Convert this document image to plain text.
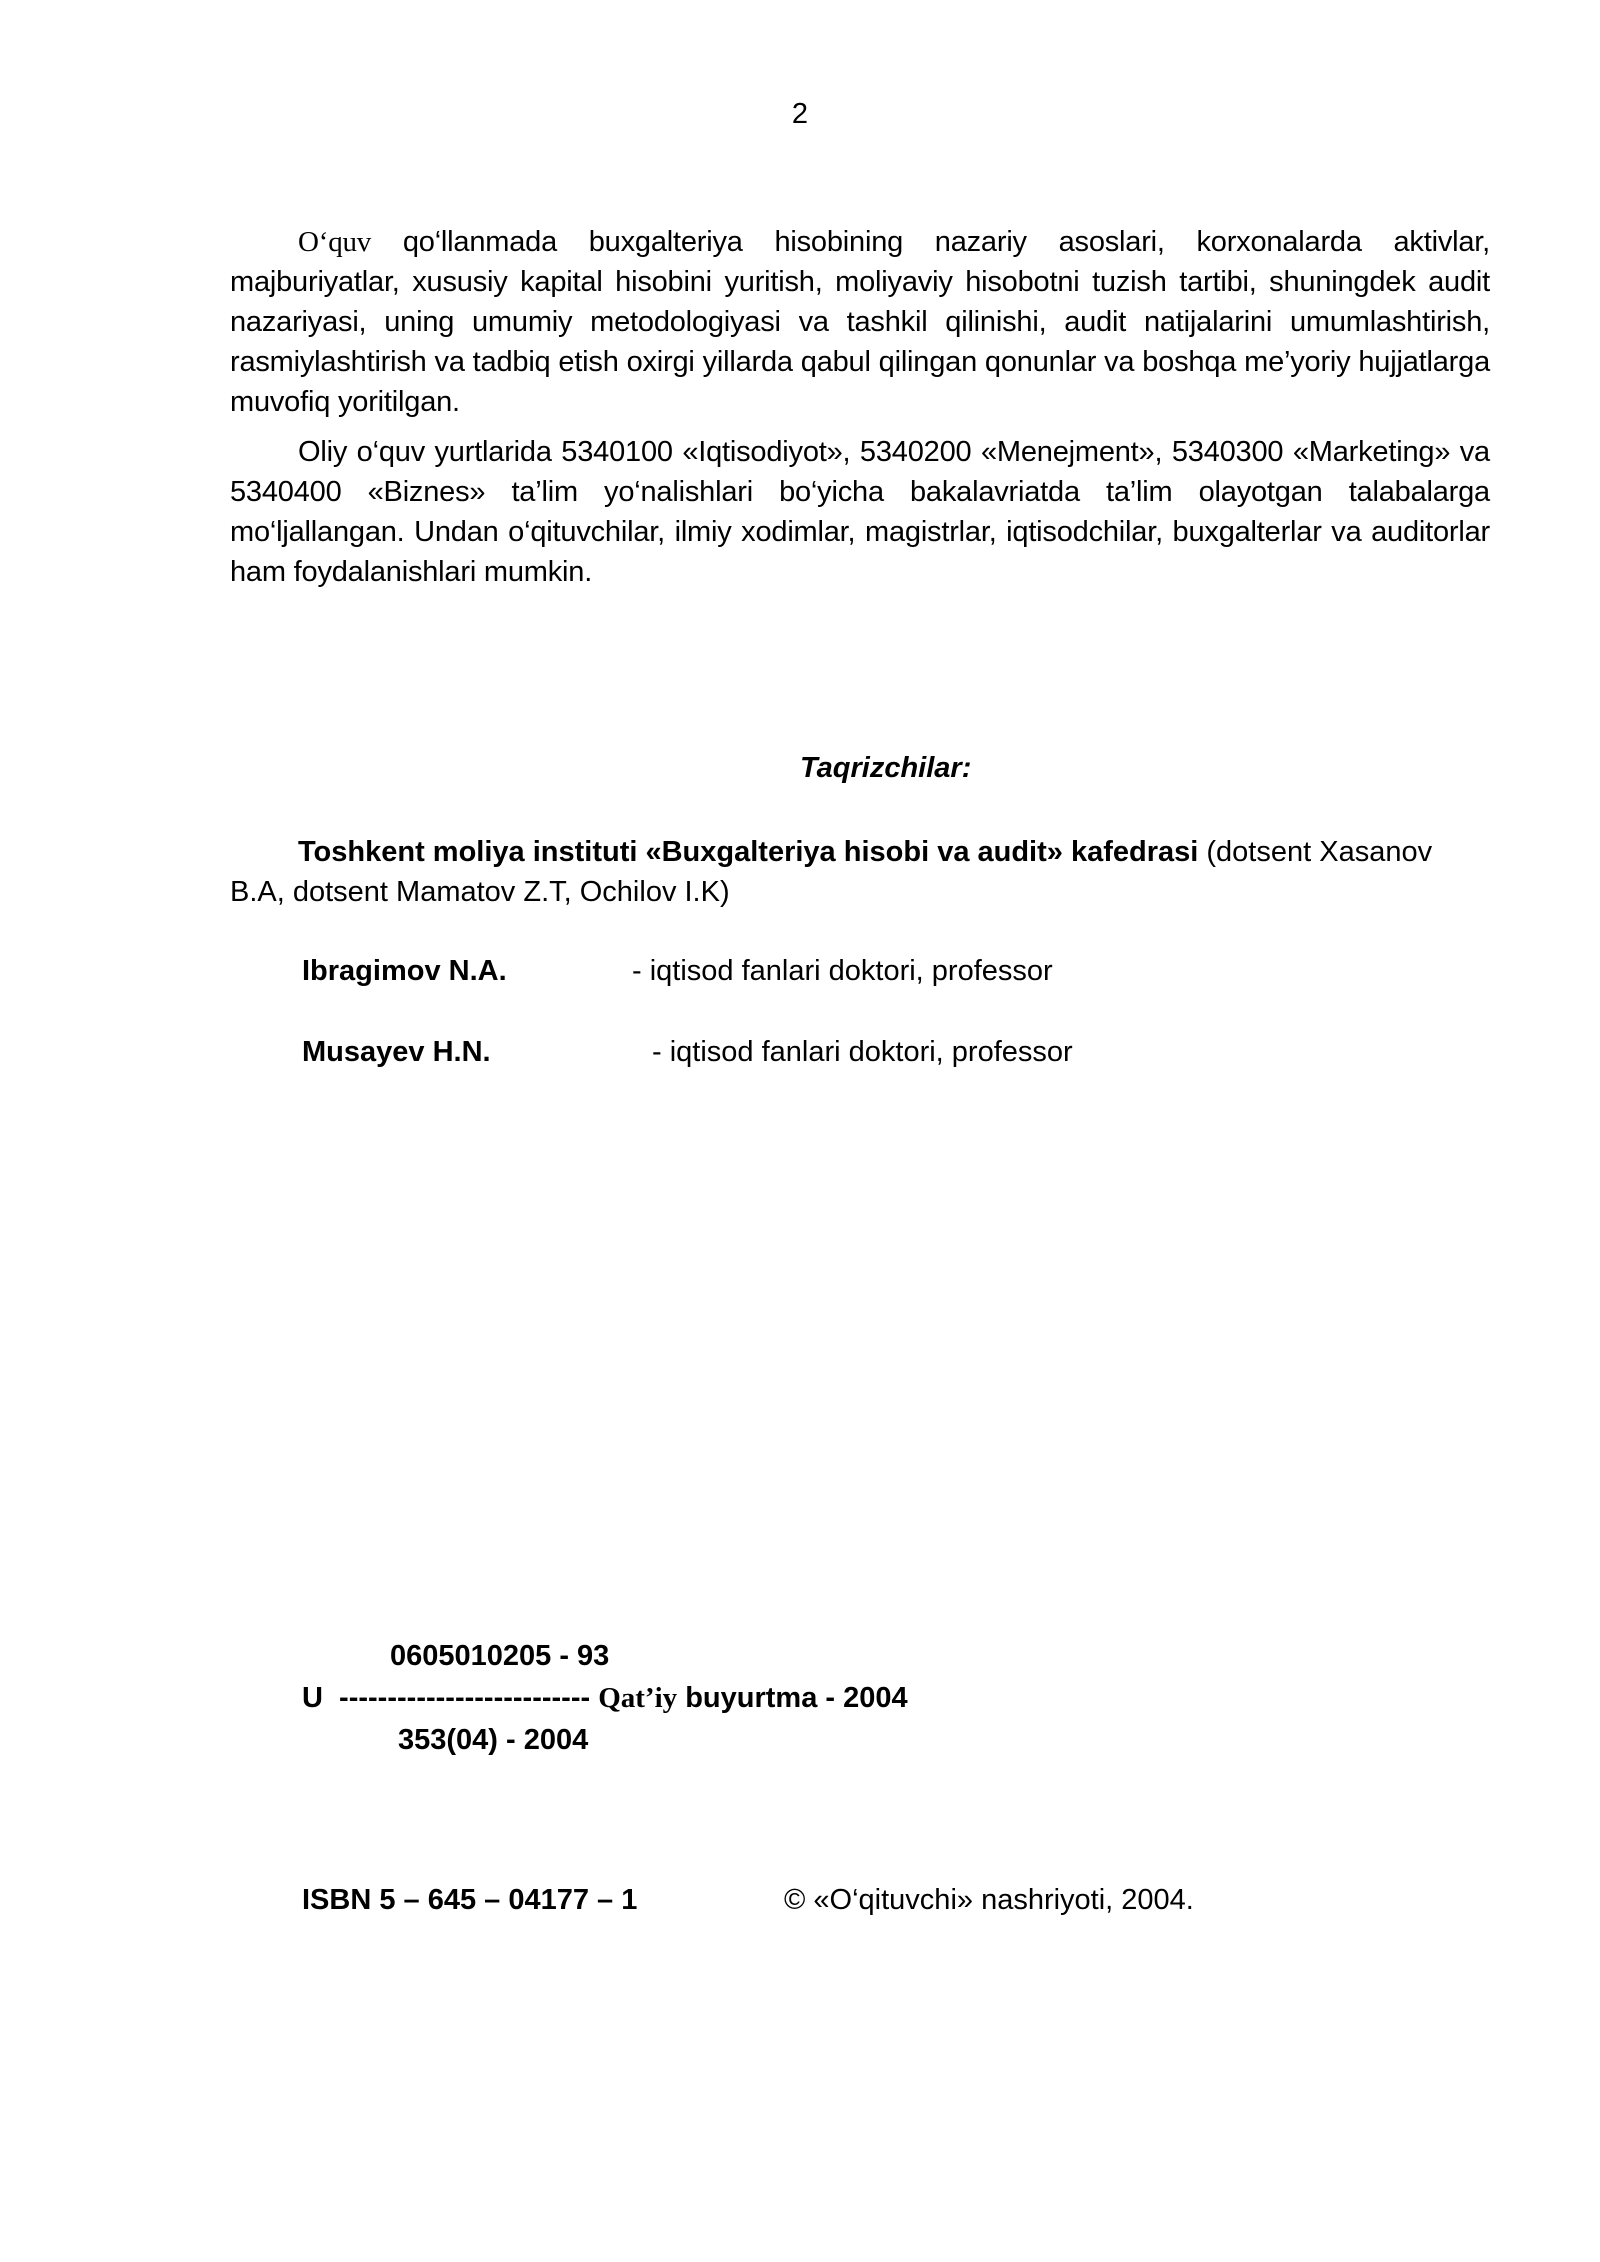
2

O‘quv qo‘llanmada buxgalteriya hisobining nazariy asoslari, korxonalarda aktivlar, majburiyatlar, xususiy kapital hisobini yuritish, moliyaviy hisobotni tuzish tartibi, shuningdek audit nazariyasi, uning umumiy metodologiyasi va tashkil qilinishi, audit natijalarini umumlashtirish, rasmiylashtirish va tadbiq etish oxirgi yillarda qabul qilingan qonunlar va boshqa me’yoriy hujjatlarga muvofiq yoritilgan.

Oliy o‘quv yurtlarida 5340100 «Iqtisodiyot», 5340200 «Menejment», 5340300 «Marketing» va 5340400 «Biznes» ta’lim yo‘nalishlari bo‘yicha bakalavriatda ta’lim olayotgan talabalarga mo‘ljallangan. Undan o‘qituvchilar, ilmiy xodimlar, magistrlar, iqtisodchilar, buxgalterlar va auditorlar ham foydalanishlari mumkin.

Taqrizchilar:

Toshkent moliya instituti «Buxgalteriya hisobi va audit» kafedrasi (dotsent Xasanov B.A, dotsent Mamatov Z.T, Ochilov I.K)

Ibragimov N.A.	- iqtisod fanlari doktori, professor
Musayev H.N.	- iqtisod fanlari doktori, professor
0605010205 - 93
U  -------------------------- Qat’iy buyurtma - 2004
353(04) - 2004
ISBN 5 – 645 – 04177 – 1	© «O‘qituvchi» nashriyoti, 2004.
